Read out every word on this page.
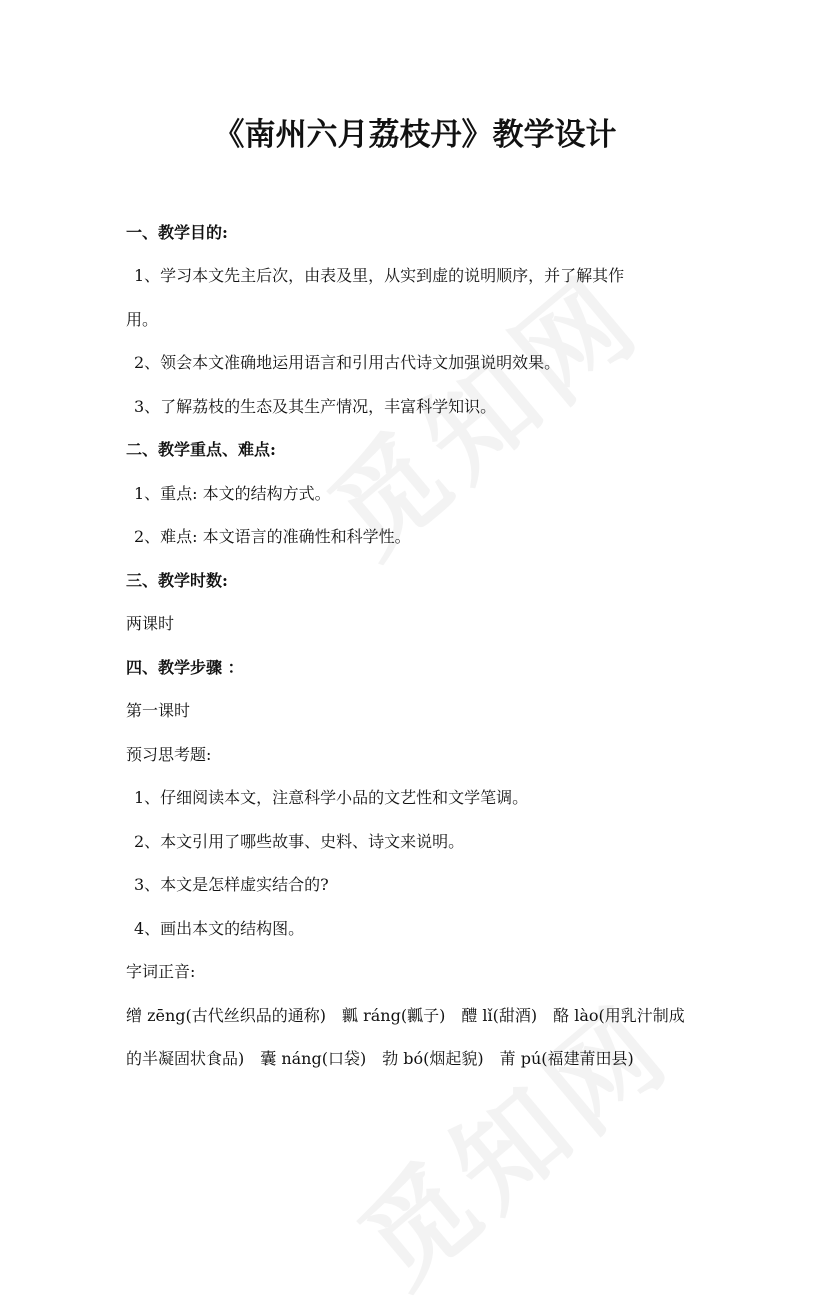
《南州六月荔枝丹》教学设计

一、教学目的:

1、学习本文先主后次，由表及里，从实到虚的说明顺序，并了解其作

用。

2、领会本文准确地运用语言和引用古代诗文加强说明效果。

3、了解荔枝的生态及其生产情况，丰富科学知识。

二、教学重点、难点:

1、重点: 本文的结构方式。

2、难点: 本文语言的准确性和科学性。

三、教学时数:

两课时

四、教学步骤 ：

第一课时

预习思考题:

1、仔细阅读本文，注意科学小品的文艺性和文学笔调。

2、本文引用了哪些故事、史料、诗文来说明。

3、本文是怎样虚实结合的?

4、画出本文的结构图。

字词正音:

缯 zēng(古代丝织品的通称)　瓤 ráng(瓤子)　醴 lǐ(甜酒)　酪 lào(用乳汁制成

的半凝固状食品)　囊 náng(口袋)　勃 bó(烟起貌)　莆 pú(福建莆田县)
